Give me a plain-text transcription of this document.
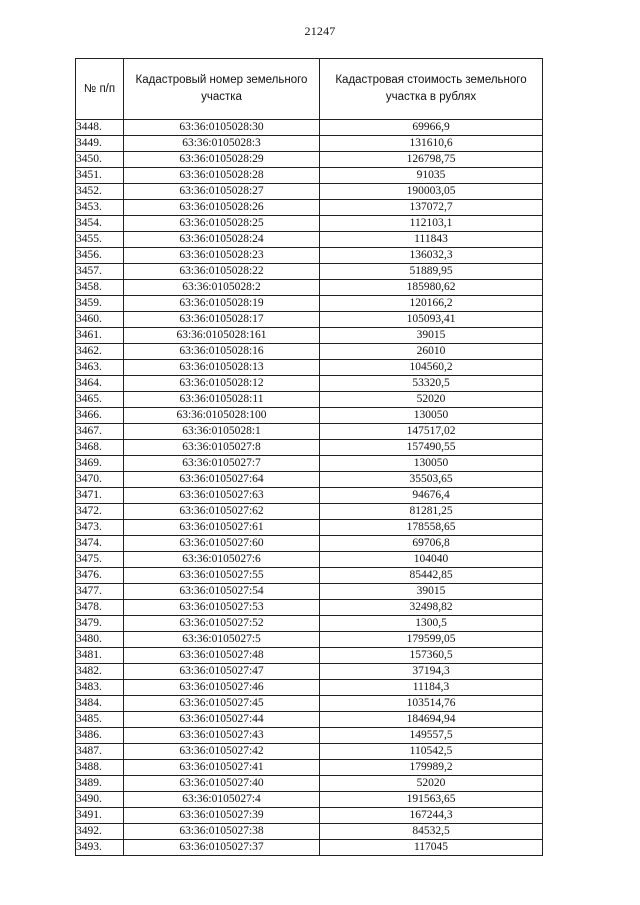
21247
№ п/п	Кадастровый номер земельного участка	Кадастровая стоимость земельного участка в рублях
3448.	63:36:0105028:30	69966,9
3449.	63:36:0105028:3	131610,6
3450.	63:36:0105028:29	126798,75
3451.	63:36:0105028:28	91035
3452.	63:36:0105028:27	190003,05
3453.	63:36:0105028:26	137072,7
3454.	63:36:0105028:25	112103,1
3455.	63:36:0105028:24	111843
3456.	63:36:0105028:23	136032,3
3457.	63:36:0105028:22	51889,95
3458.	63:36:0105028:2	185980,62
3459.	63:36:0105028:19	120166,2
3460.	63:36:0105028:17	105093,41
3461.	63:36:0105028:161	39015
3462.	63:36:0105028:16	26010
3463.	63:36:0105028:13	104560,2
3464.	63:36:0105028:12	53320,5
3465.	63:36:0105028:11	52020
3466.	63:36:0105028:100	130050
3467.	63:36:0105028:1	147517,02
3468.	63:36:0105027:8	157490,55
3469.	63:36:0105027:7	130050
3470.	63:36:0105027:64	35503,65
3471.	63:36:0105027:63	94676,4
3472.	63:36:0105027:62	81281,25
3473.	63:36:0105027:61	178558,65
3474.	63:36:0105027:60	69706,8
3475.	63:36:0105027:6	104040
3476.	63:36:0105027:55	85442,85
3477.	63:36:0105027:54	39015
3478.	63:36:0105027:53	32498,82
3479.	63:36:0105027:52	1300,5
3480.	63:36:0105027:5	179599,05
3481.	63:36:0105027:48	157360,5
3482.	63:36:0105027:47	37194,3
3483.	63:36:0105027:46	11184,3
3484.	63:36:0105027:45	103514,76
3485.	63:36:0105027:44	184694,94
3486.	63:36:0105027:43	149557,5
3487.	63:36:0105027:42	110542,5
3488.	63:36:0105027:41	179989,2
3489.	63:36:0105027:40	52020
3490.	63:36:0105027:4	191563,65
3491.	63:36:0105027:39	167244,3
3492.	63:36:0105027:38	84532,5
3493.	63:36:0105027:37	117045
